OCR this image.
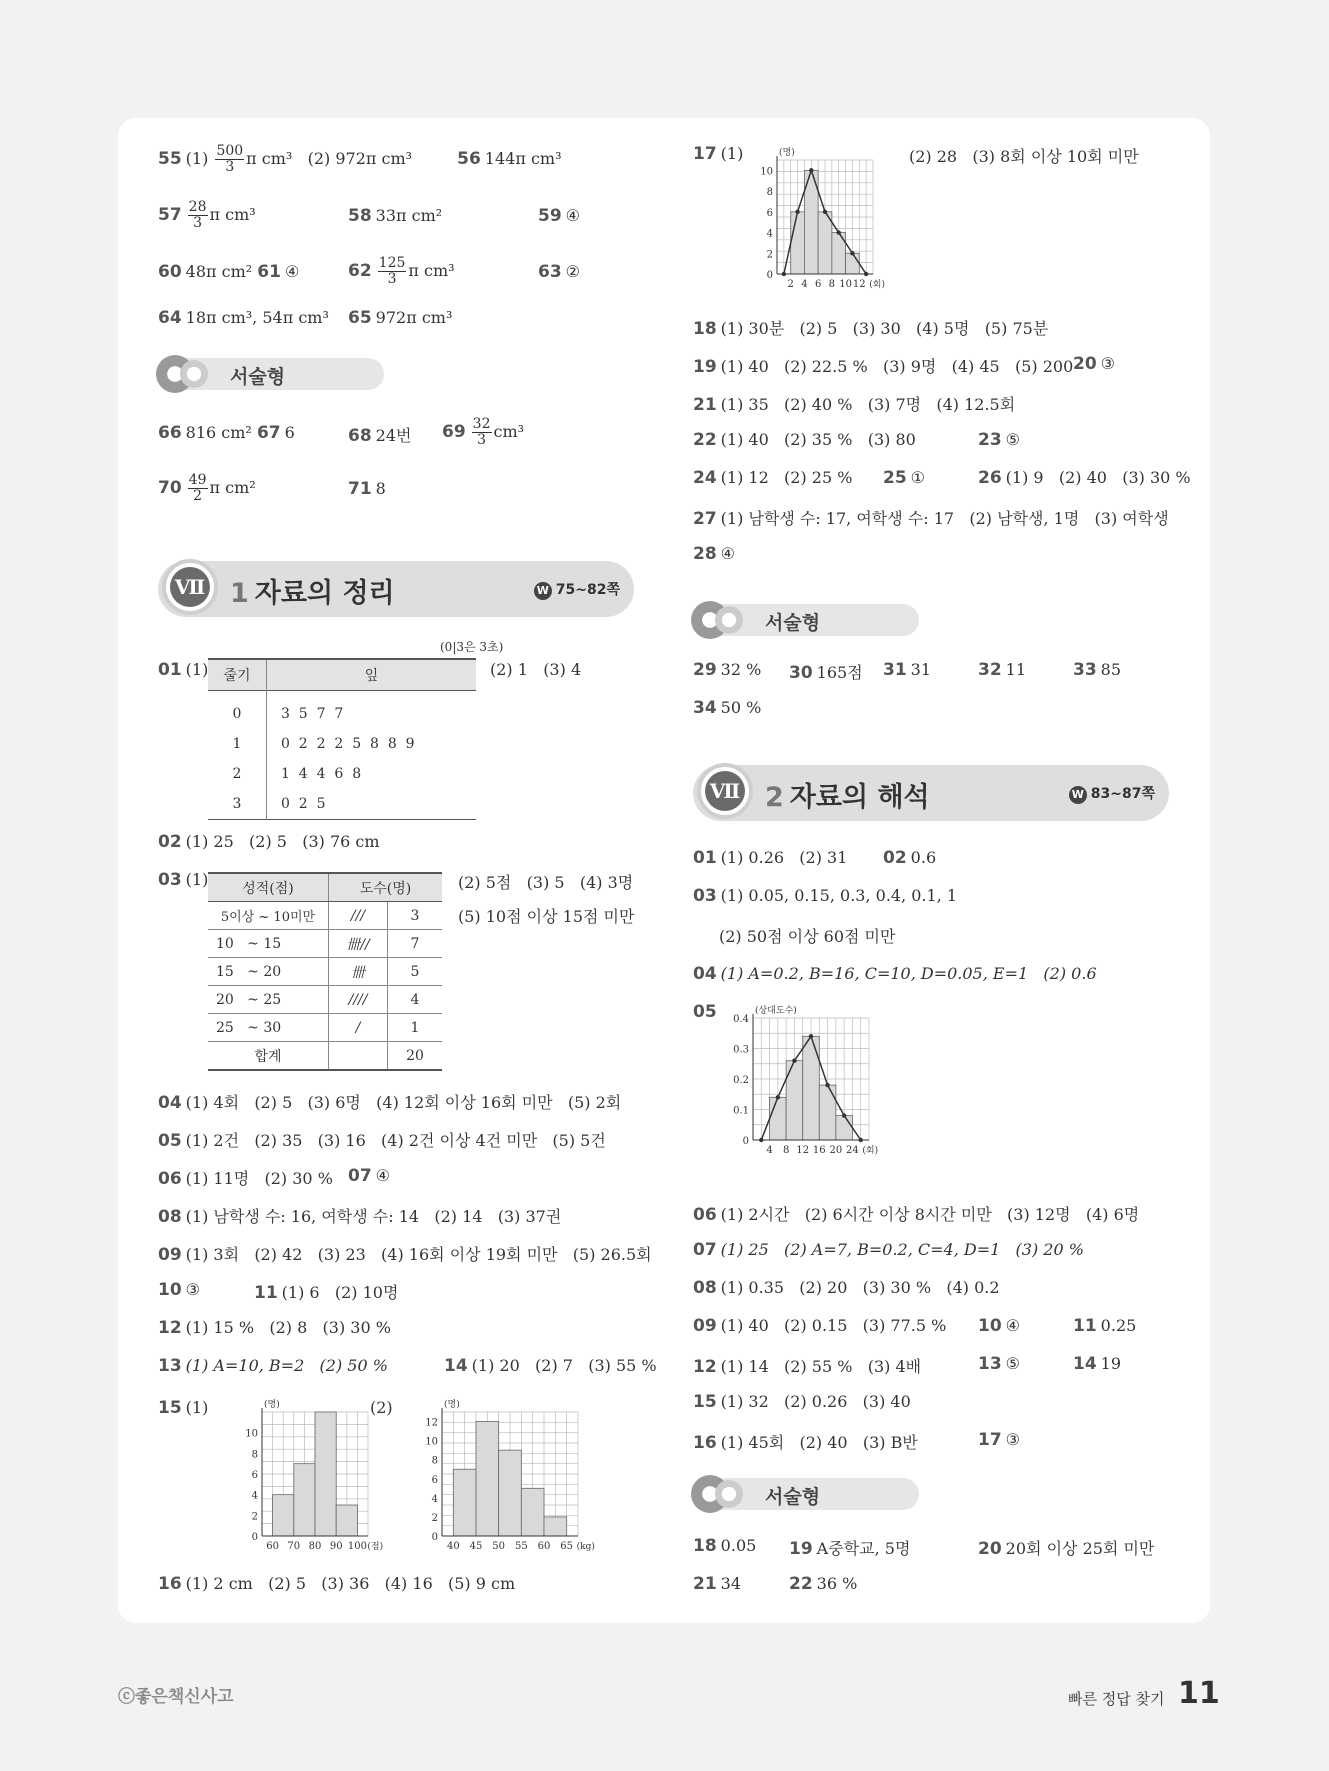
55 $(1) \frac{500}{3}$ π cm³ (2) 972π cm³	56 144π cm³
$57 \frac{28}{3}$ π cm³	58 33π cm²	59 ④
60 48π cm² 61 ④	$62 \frac{125}{3}$ π cm³	63 ②
64 18π cm³, 54π cm³ 65 972π cm³
서술형
66 816 cm² 67 6	68 24번 $69 \frac{32}{3} cm^3$
$70 \frac{49}{2}$ π cm²	71 8
Ⅶ 1 자료의 정리	W 75~82쪽
01 (1)
(0|3은 3초)
줄기	잎
0	3  5  7  7
1	0  2  2  2  5  8  8  9
2	1  4  4  6  8
3	0  2  5
(2) 1   (3) 4
02 (1) 25   (2) 5   (3) 76 cm
03 (1) 성적(점)	도수(명)	
5이상 ~ 10미만	///	3
10   ~ 15	卌//	7
15   ~ 20	卌	5
20   ~ 25	////	4
25   ~ 30	/	1
합계		20
(2) 5점   (3) 5   (4) 3명
(5) 10점 이상 15점 미만
04 (1) 4회   (2) 5   (3) 6명   (4) 12회 이상 16회 미만   (5) 2회
05 (1) 2건   (2) 35   (3) 16   (4) 2건 이상 4건 미만   (5) 5건
06 (1) 11명   (2) 30 % 07 ④
08 (1) 남학생 수: 16, 여학생 수: 14   (2) 14   (3) 37권
09 (1) 3회   (2) 42   (3) 23   (4) 16회 이상 19회 미만   (5) 26.5회
10 ③	11 (1) 6   (2) 10명
12 (1) 15 %   (2) 8   (3) 30 %
13 (1) A=10, B=2   (2) 50 %	14 (1) 20   (2) 7   (3) 55 %
15 (1)
0
2
4
6
8
10
60 70 80 90 100
(명)
(점)
(2)
0
2
4
6
8
10
12
40 45 50 55 60 65
(명)
(kg)
16 (1) 2 cm   (2) 5   (3) 36   (4) 16   (5) 9 cm
17 (1)
0
2
4
6
8
10
2 4 6 8 10 12
(명)
(회)
(2) 28   (3) 8회 이상 10회 미만
18 (1) 30분   (2) 5   (3) 30   (4) 5명   (5) 75분
19 (1) 40   (2) 22.5 %   (3) 9명   (4) 45   (5) 200 20 ③
21 (1) 35   (2) 40 %   (3) 7명   (4) 12.5회
22 (1) 40   (2) 35 %   (3) 80	23 ⑤
24 (1) 12   (2) 25 % 25 ①	26 (1) 9   (2) 40   (3) 30 %
27 (1) 남학생 수: 17, 여학생 수: 17   (2) 남학생, 1명   (3) 여학생
28 ④
서술형
29 32 % 30 165점 31 31	32 11	33 85
34 50 %
Ⅶ 2 자료의 해석	W 83~87쪽
01 (1) 0.26   (2) 31 02 0.6
03 (1) 0.05, 0.15, 0.3, 0.4, 0.1, 1
(2) 50점 이상 60점 미만
04 (1) A=0.2, B=16, C=10, D=0.05, E=1   (2) 0.6
05
0
0.1
0.2
0.3
0.4
4 8 12 16 20 24
(상대도수)
(회)
06 (1) 2시간   (2) 6시간 이상 8시간 미만   (3) 12명   (4) 6명
07 (1) 25   (2) A=7, B=0.2, C=4, D=1   (3) 20 %
08 (1) 0.35   (2) 20   (3) 30 %   (4) 0.2
09 (1) 40   (2) 0.15   (3) 77.5 % 10 ④	11 0.25
12 (1) 14   (2) 55 %   (3) 4배	13 ⑤	14 19
15 (1) 32   (2) 0.26   (3) 40
16 (1) 45회   (2) 40   (3) B반	17 ③
서술형
18 0.05 19 A중학교, 5명	20 20회 이상 25회 미만
21 34	22 36 %
ⓒ좋은책신사고	빠른 정답 찾기 11
